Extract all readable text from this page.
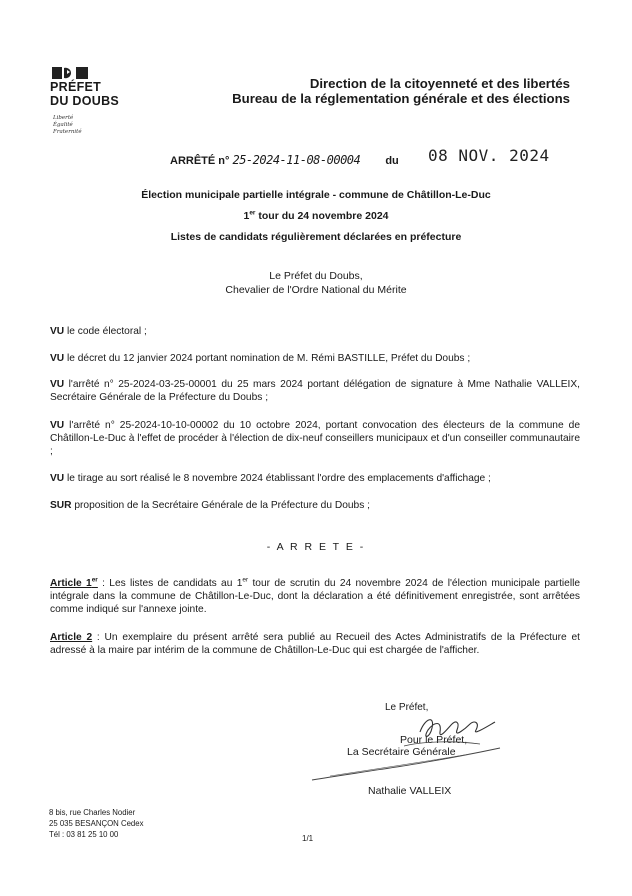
PRÉFET
DU DOUBS
Liberté
Égalité
Fraternité
Direction de la citoyenneté et des libertés
Bureau de la réglementation générale et des élections
ARRÊTÉ n° 25-2024-11-08-00004 du 08 NOV. 2024
Élection municipale partielle intégrale - commune de Châtillon-Le-Duc
1er tour du 24 novembre 2024
Listes de candidats régulièrement déclarées en préfecture
Le Préfet du Doubs,
Chevalier de l'Ordre National du Mérite
VU le code électoral ;
VU le décret du 12 janvier 2024 portant nomination de M. Rémi BASTILLE, Préfet du Doubs ;
VU l'arrêté n° 25-2024-03-25-00001 du 25 mars 2024 portant délégation de signature à Mme Nathalie VALLEIX, Secrétaire Générale de la Préfecture du Doubs ;
VU l'arrêté n° 25-2024-10-10-00002 du 10 octobre 2024, portant convocation des électeurs de la commune de Châtillon-Le-Duc à l'effet de procéder à l'élection de dix-neuf conseillers municipaux et d'un conseiller communautaire ;
VU le tirage au sort réalisé le 8 novembre 2024 établissant l'ordre des emplacements d'affichage ;
SUR proposition de la Secrétaire Générale de la Préfecture du Doubs ;
- A R R E T E -
Article 1er : Les listes de candidats au 1er tour de scrutin du 24 novembre 2024 de l'élection municipale partielle intégrale dans la commune de Châtillon-Le-Duc, dont la déclaration a été définitivement enregistrée, sont arrêtées comme indiqué sur l'annexe jointe.
Article 2 : Un exemplaire du présent arrêté sera publié au Recueil des Actes Administratifs de la Préfecture et adressé à la maire par intérim de la commune de Châtillon-Le-Duc qui est chargée de l'afficher.
Le Préfet,
Pour le Préfet,
La Secrétaire Générale
Nathalie VALLEIX
8 bis, rue Charles Nodier
25 035 BESANÇON Cedex
Tél : 03 81 25 10 00	1/1
